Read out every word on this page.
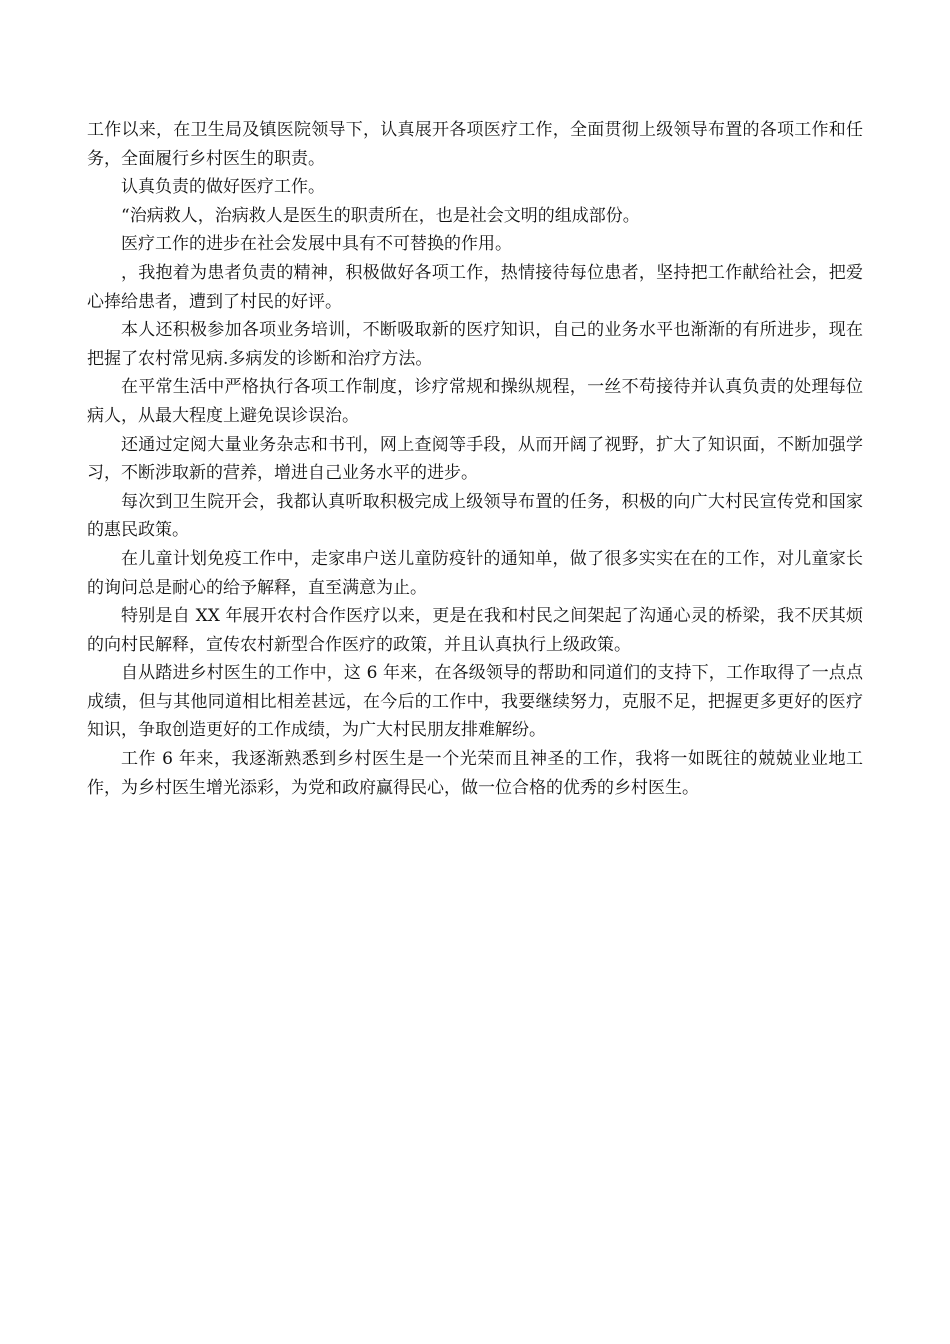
工作以来，在卫生局及镇医院领导下，认真展开各项医疗工作，全面贯彻上级领导布置的各项工作和任务，全面履行乡村医生的职责。

认真负责的做好医疗工作。

“治病救人，治病救人是医生的职责所在，也是社会文明的组成部份。

医疗工作的进步在社会发展中具有不可替换的作用。

，我抱着为患者负责的精神，积极做好各项工作，热情接待每位患者，坚持把工作献给社会，把爱心捧给患者，遭到了村民的好评。

本人还积极参加各项业务培训，不断吸取新的医疗知识，自己的业务水平也渐渐的有所进步，现在把握了农村常见病.多病发的诊断和治疗方法。

在平常生活中严格执行各项工作制度，诊疗常规和操纵规程，一丝不苟接待并认真负责的处理每位病人，从最大程度上避免误诊误治。

还通过定阅大量业务杂志和书刊，网上查阅等手段，从而开阔了视野，扩大了知识面，不断加强学习，不断涉取新的营养，增进自己业务水平的进步。

每次到卫生院开会，我都认真听取积极完成上级领导布置的任务，积极的向广大村民宣传党和国家的惠民政策。

在儿童计划免疫工作中，走家串户送儿童防疫针的通知单，做了很多实实在在的工作，对儿童家长的询问总是耐心的给予解释，直至满意为止。

特别是自 XX 年展开农村合作医疗以来，更是在我和村民之间架起了沟通心灵的桥梁，我不厌其烦的向村民解释，宣传农村新型合作医疗的政策，并且认真执行上级政策。

自从踏进乡村医生的工作中，这 6 年来，在各级领导的帮助和同道们的支持下，工作取得了一点点成绩，但与其他同道相比相差甚远，在今后的工作中，我要继续努力，克服不足，把握更多更好的医疗知识，争取创造更好的工作成绩，为广大村民朋友排难解纷。

工作 6 年来，我逐渐熟悉到乡村医生是一个光荣而且神圣的工作，我将一如既往的兢兢业业地工作，为乡村医生增光添彩，为党和政府赢得民心，做一位合格的优秀的乡村医生。
